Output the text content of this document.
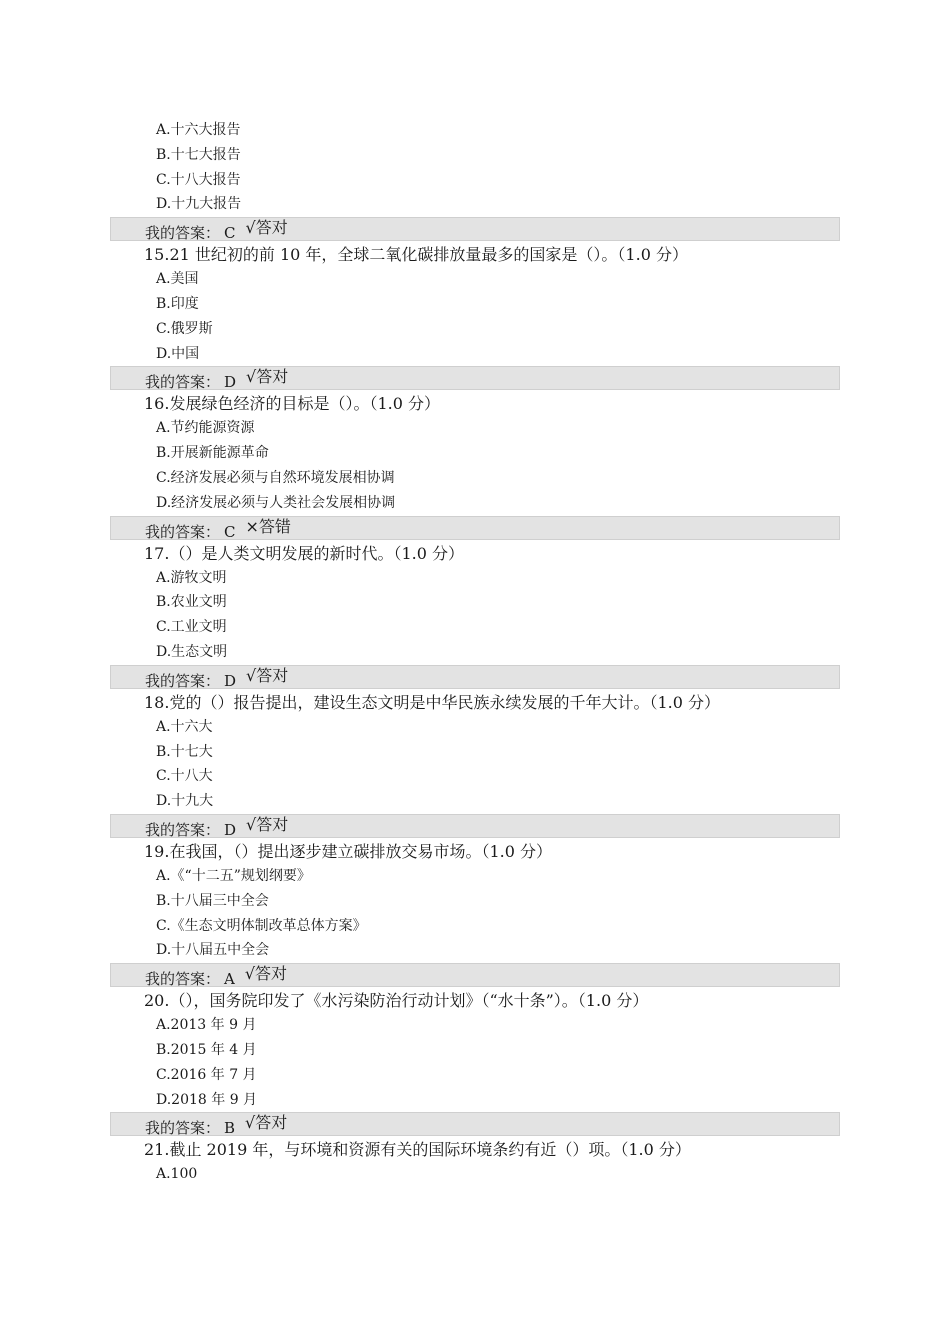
A.十六大报告
B.十七大报告
C.十八大报告
D.十九大报告
我的答案： C √答对
15.21 世纪初的前 10 年，全球二氧化碳排放量最多的国家是（）。（1.0 分）
A.美国
B.印度
C.俄罗斯
D.中国
我的答案： D √答对
16.发展绿色经济的目标是（）。（1.0 分）
A.节约能源资源
B.开展新能源革命
C.经济发展必须与自然环境发展相协调
D.经济发展必须与人类社会发展相协调
我的答案： C ×答错
17.（）是人类文明发展的新时代。（1.0 分）
A.游牧文明
B.农业文明
C.工业文明
D.生态文明
我的答案： D √答对
18.党的（）报告提出，建设生态文明是中华民族永续发展的千年大计。（1.0 分）
A.十六大
B.十七大
C.十八大
D.十九大
我的答案： D √答对
19.在我国，（）提出逐步建立碳排放交易市场。（1.0 分）
A.《“十二五”规划纲要》
B.十八届三中全会
C.《生态文明体制改革总体方案》
D.十八届五中全会
我的答案： A √答对
20.（），国务院印发了《水污染防治行动计划》（“水十条”）。（1.0 分）
A.2013 年 9 月
B.2015 年 4 月
C.2016 年 7 月
D.2018 年 9 月
我的答案： B √答对
21.截止 2019 年，与环境和资源有关的国际环境条约有近（）项。（1.0 分）
A.100
